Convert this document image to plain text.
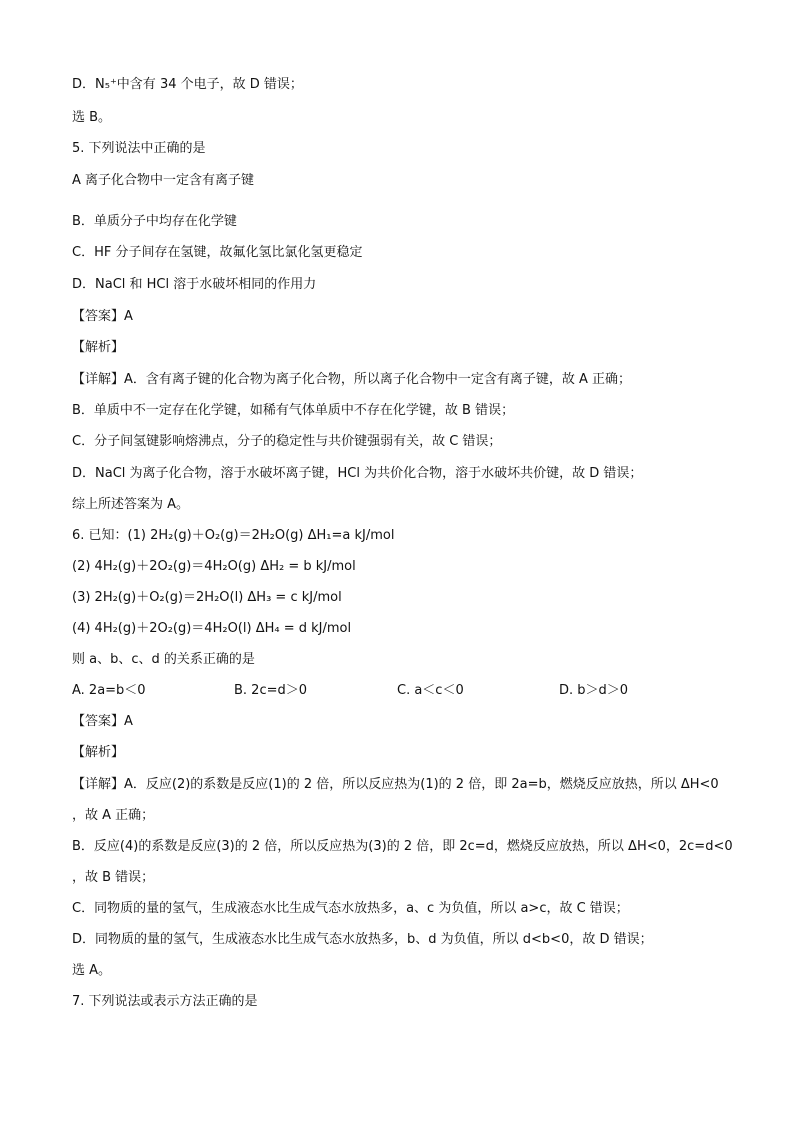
D．N₅⁺中含有 34 个电子，故 D 错误；
选 B。
5. 下列说法中正确的是
A 离子化合物中一定含有离子键
B．单质分子中均存在化学键
C．HF 分子间存在氢键，故氟化氢比氯化氢更稳定
D．NaCl 和 HCl 溶于水破坏相同的作用力
【答案】A
【解析】
【详解】A．含有离子键的化合物为离子化合物，所以离子化合物中一定含有离子键，故 A 正确；
B．单质中不一定存在化学键，如稀有气体单质中不存在化学键，故 B 错误；
C．分子间氢键影响熔沸点，分子的稳定性与共价键强弱有关，故 C 错误；
D．NaCl 为离子化合物，溶于水破坏离子键，HCl 为共价化合物，溶于水破坏共价键，故 D 错误；
综上所述答案为 A。
6. 已知：(1) 2H₂(g)＋O₂(g)＝2H₂O(g) ΔH₁=a kJ/mol
(2) 4H₂(g)＋2O₂(g)＝4H₂O(g) ΔH₂ = b kJ/mol
(3) 2H₂(g)＋O₂(g)＝2H₂O(l) ΔH₃ = c kJ/mol
(4) 4H₂(g)＋2O₂(g)＝4H₂O(l) ΔH₄ = d kJ/mol
则 a、b、c、d 的关系正确的是
A. 2a=b＜0	B. 2c=d＞0	C. a＜c＜0	D. b＞d＞0
【答案】A
【解析】
【详解】A．反应(2)的系数是反应(1)的 2 倍，所以反应热为(1)的 2 倍，即 2a=b，燃烧反应放热，所以 ΔH<0
，故 A 正确；
B．反应(4)的系数是反应(3)的 2 倍，所以反应热为(3)的 2 倍，即 2c=d，燃烧反应放热，所以 ΔH<0，2c=d<0
，故 B 错误；
C．同物质的量的氢气，生成液态水比生成气态水放热多，a、c 为负值，所以 a>c，故 C 错误；
D．同物质的量的氢气，生成液态水比生成气态水放热多，b、d 为负值，所以 d<b<0，故 D 错误；
选 A。
7. 下列说法或表示方法正确的是
